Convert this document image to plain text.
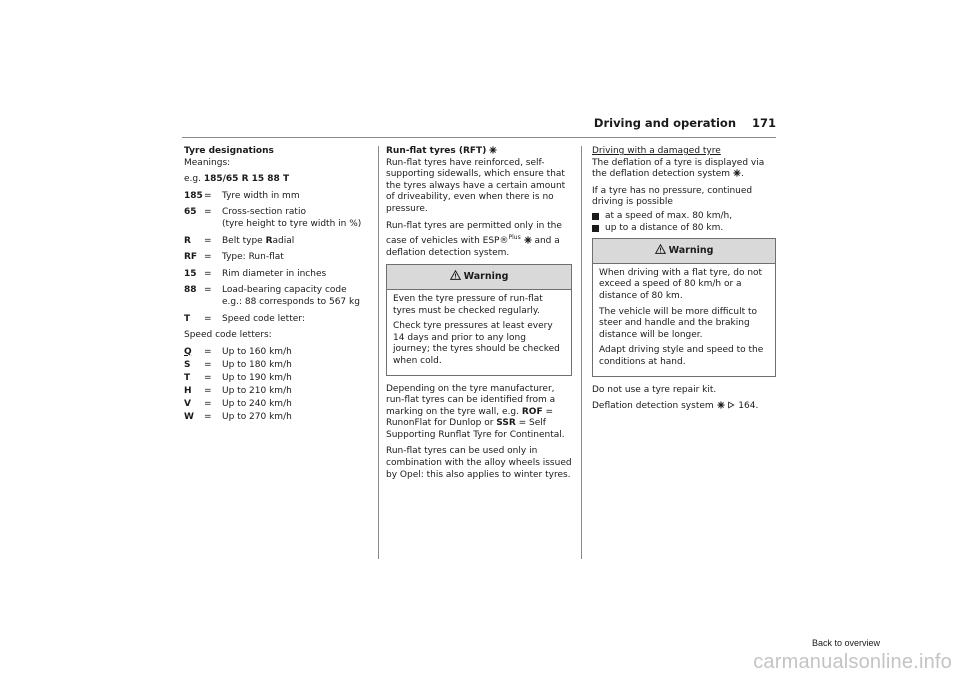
Driving and operation 171
Tyre designations

Meanings:

e.g. 185/65 R 15 88 T

185 =	Tyre width in mm
65 =	Cross-section ratio
(tyre height to tyre width in %)
R	=	Belt type Radial
RF =	Type: Run-flat
15 =	Rim diameter in inches
88 =	Load-bearing capacity code
e.g.: 88 corresponds to 567 kg
T	=	Speed code letter:

Speed code letters:

Q	=	Up to 160 km/h
S	=	Up to 180 km/h
T	=	Up to 190 km/h
H	=	Up to 210 km/h
V	=	Up to 240 km/h
W	=	Up to 270 km/h
Run-flat tyres (RFT)

Run-flat tyres have reinforced, self-supporting sidewalls, which ensure that the tyres always have a certain amount of driveability, even when there is no pressure.

Run-flat tyres are permitted only in the case of vehicles with ESP®$^{Plus}$  and a deflation detection system.

Warning

Even the tyre pressure of run-flat tyres must be checked regularly.

Check tyre pressures at least every 14 days and prior to any long journey; the tyres should be checked when cold.

Depending on the tyre manufacturer, run-flat tyres can be identified from a marking on the tyre wall, e.g. ROF = RunonFlat for Dunlop or SSR = Self Supporting Runflat Tyre for Continental.

Run-flat tyres can be used only in combination with the alloy wheels issued by Opel: this also applies to winter tyres.

Driving with a damaged tyre

The deflation of a tyre is displayed via the deflation detection system .

If a tyre has no pressure, continued driving is possible

at a speed of max. 80 km/h,
up to a distance of 80 km.
Warning

When driving with a flat tyre, do not exceed a speed of 80 km/h or a distance of 80 km.

The vehicle will be more difficult to steer and handle and the braking distance will be longer.

Adapt driving style and speed to the conditions at hand.

Do not use a tyre repair kit.

Deflation detection system	164.

Back to overview
carmanualsonline.info
